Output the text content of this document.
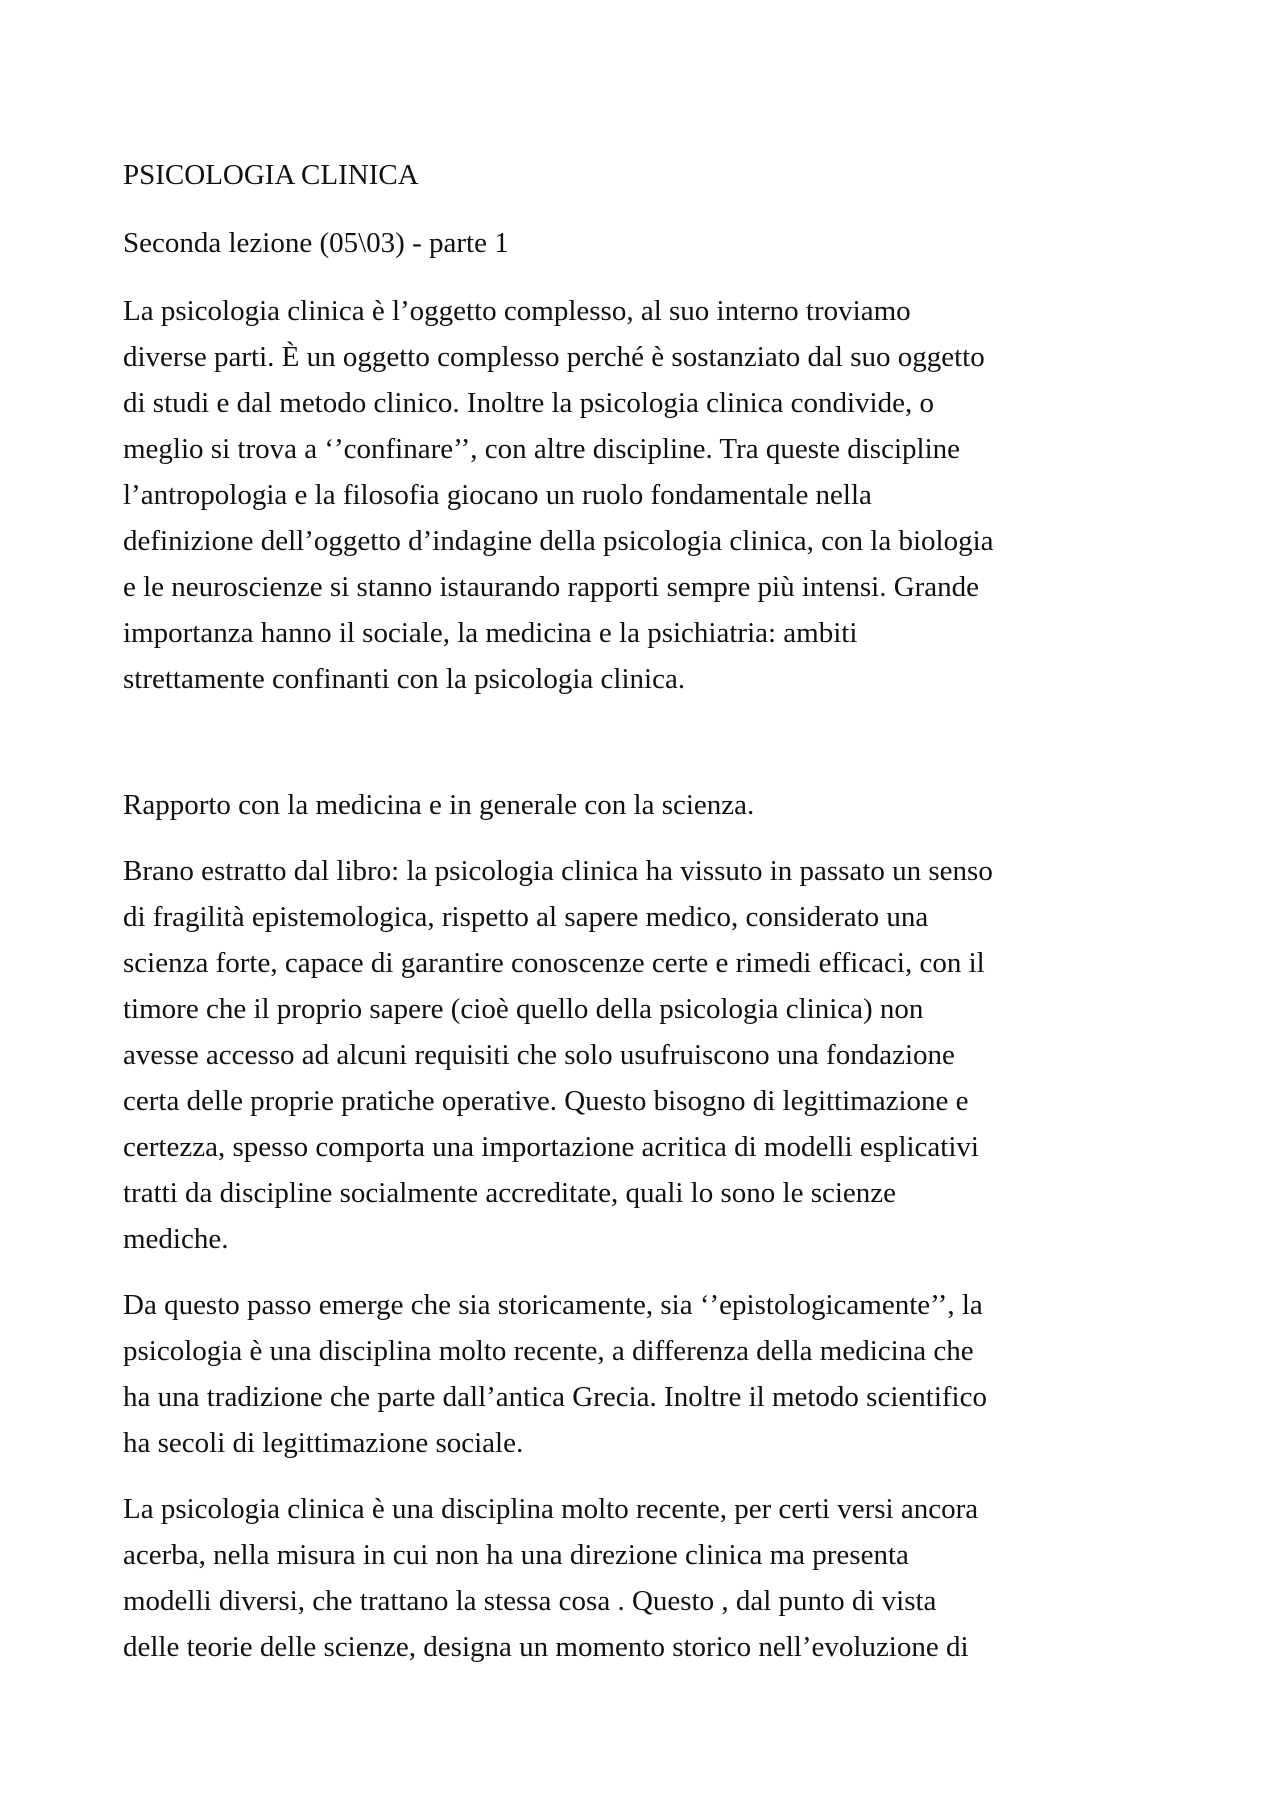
PSICOLOGIA CLINICA

Seconda lezione (05\03) - parte 1

La psicologia clinica è l’oggetto complesso, al suo interno troviamo
diverse parti. È un oggetto complesso perché è sostanziato dal suo oggetto
di studi e dal metodo clinico. Inoltre la psicologia clinica condivide, o
meglio si trova a ‘’confinare’’, con altre discipline. Tra queste discipline
l’antropologia e la filosofia giocano un ruolo fondamentale nella
definizione dell’oggetto d’indagine della psicologia clinica, con la biologia
e le neuroscienze si stanno istaurando rapporti sempre più intensi. Grande
importanza hanno il sociale, la medicina e la psichiatria: ambiti
strettamente confinanti con la psicologia clinica.

Rapporto con la medicina e in generale con la scienza.

Brano estratto dal libro: la psicologia clinica ha vissuto in passato un senso
di fragilità epistemologica, rispetto al sapere medico, considerato una
scienza forte, capace di garantire conoscenze certe e rimedi efficaci, con il
timore che il proprio sapere (cioè quello della psicologia clinica) non
avesse accesso ad alcuni requisiti che solo usufruiscono una fondazione
certa delle proprie pratiche operative. Questo bisogno di legittimazione e
certezza, spesso comporta una importazione acritica di modelli esplicativi
tratti da discipline socialmente accreditate, quali lo sono le scienze
mediche.

Da questo passo emerge che sia storicamente, sia ‘’epistologicamente’’, la
psicologia è una disciplina molto recente, a differenza della medicina che
ha una tradizione che parte dall’antica Grecia. Inoltre il metodo scientifico
ha secoli di legittimazione sociale.

La psicologia clinica è una disciplina molto recente, per certi versi ancora
acerba, nella misura in cui non ha una direzione clinica ma presenta
modelli diversi, che trattano la stessa cosa . Questo , dal punto di vista
delle teorie delle scienze, designa un momento storico nell’evoluzione di
